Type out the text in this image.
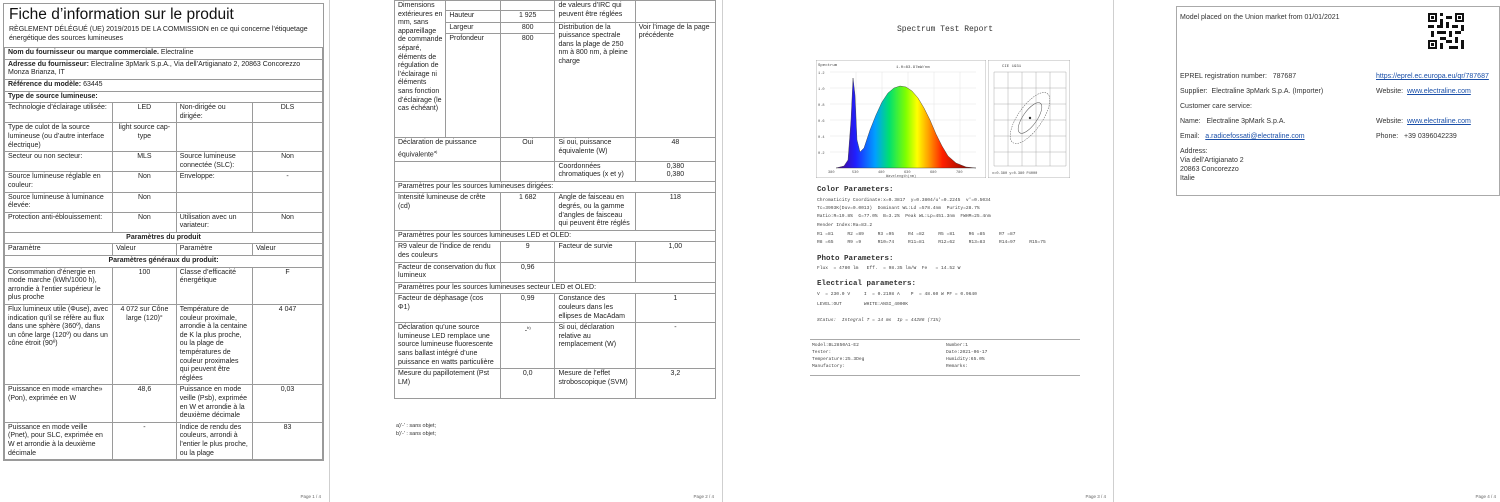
Fiche d’information sur le produit
RÈGLEMENT DÉLÉGUÉ (UE) 2019/2015 DE LA COMMISSION en ce qui concerne l’étiquetage énergétique des sources lumineuses
Nom du fournisseur ou marque commerciale. Electraline			
Adresse du fournisseur: Electraline 3pMark S.p.A., Via dell’Artigianato 2, 20863 Concorezzo Monza Brianza, IT			
Référence du modèle: 63445			
Type de source lumineuse:			
Technologie d’éclairage utilisée:	LED	Non-dirigée ou dirigée:	DLS
Type de culot de la source lumineuse (ou d’autre interface électrique)	light source cap-type		
Secteur ou non secteur:	MLS	Source lumineuse connectée (SLC):	Non
Source lumineuse réglable en couleur:	Non	Enveloppe:	-
Source lumineuse à luminance élevée:	Non		
Protection anti-éblouissement:	Non	Utilisation avec un variateur:	Non
Paramètres du produit			
Paramètre	Valeur	Paramètre	Valeur
Paramètres généraux du produit:			
Consommation d’énergie en mode marche (kWh/1000 h), arrondie à l’entier supérieur le plus proche	100	Classe d’efficacité énergétique	F
Flux lumineux utile (Φuse), avec indication qu’il se réfère au flux dans une sphère (360º), dans un cône large (120º) ou dans un cône étroit (90º)	4 072 sur Cône large (120)°	Température de couleur proximale, arrondie à la centaine de K la plus proche, ou la plage de températures de couleur proximales qui peuvent être réglées	4 047
Puissance en mode «marche» (Pon), exprimée en W	48,6	Puissance en mode veille (Psb), exprimée en W et arrondie à la deuxième décimale	0,03
Puissance en mode veille (Pnet), pour SLC, exprimée en W et arrondie à la deuxième décimale	-	Indice de rendu des couleurs, arrondi à l’entier le plus proche, ou la plage	83
Page 1 / 4
Dimensions extérieures en mm, sans appareillage de commande séparé, éléments de régulation de l’éclairage ni éléments sans fonction d’éclairage (le cas échéant)			de valeurs d’IRC qui peuvent être réglées	
	Hauteur	1 925		
	Largeur	800	Distribution de la puissance spectrale dans la plage de 250 nm à 800 nm, à pleine charge	Voir l’image de la page précédente
	Profondeur	800		
Déclaration de puissance équivalente$^{a)}$		Oui	Si oui, puissance équivalente (W)	48
			Coordonnées chromatiques (x et y)	0,380
0,380
Paramètres pour les sources lumineuses dirigées:				
Intensité lumineuse de crête (cd)		1 682	Angle de faisceau en degrés, ou la gamme d’angles de faisceau qui peuvent être réglés	118
Paramètres pour les sources lumineuses LED et OLED:				
R9 valeur de l’indice de rendu des couleurs		9	Facteur de survie	1,00
Facteur de conservation du flux lumineux		0,96		
Paramètres pour les sources lumineuses secteur LED et OLED:				
Facteur de déphasage (cos Φ1)		0,99	Constance des couleurs dans les ellipses de MacAdam	1
Déclaration qu’une source lumineuse LED remplace une source lumineuse fluorescente sans ballast intégré d’une puissance en watts particulière		-$^{b)}$	Si oui, déclaration relative au remplacement (W)	-
Mesure du papillotement (Pst LM)		0,0	Mesure de l’effet stroboscopique (SVM)	3,2
a)'-' : sans objet;
b)'-' : sans objet;
Page 2 / 4
Spectrum Test Report
Spectrum	1.0=83.97mW/nm
1.2
1.0
0.8
0.6
0.4
0.2
380	530	480	630	680	780
Wavelength(nm)
CIE 1931
x=0.380 y=0.380 P4000
Color Parameters:
Chromaticity Coordinate:x=0.3817  y=0.3804/u'=0.2245  v'=0.5034
Tc=3993K(Duv=0.0013)  Dominant WL:Ld =578.4nm  Purity=28.7%
Ratio:R=19.8%  G=77.0%  B=3.2%  Peak WL:Lp=451.3nm  FWHM=25.4nm
Render Index:Ra=83.2
R1 =81     R2 =89     R3 =95     R4 =82     R5 =81     R6 =85     R7 =87
R8 =65     R9 =9      R10=74     R11=81     R12=62     R13=83     R14=97     R15=75
Photo Parameters:
Flux  = 4780 lm   Eff.  = 98.35 lm/W  Fe   = 14.52 W
Electrical parameters:
V  = 230.0 V     I  = 0.2198 A    P  = 48.60 W PF = 0.9640
LEVEL:OUT        WHITE:ANSI_4000K
Status:  Integral T = 14 ms  Ip = 44286 (71%)
Model:BL2850A1-E2
Tester:
Temperature:25.3Deg
Manufactory:
Number:1
Date:2021-06-17
Humidity:65.0%
Remarks:
Page 3 / 4
Model placed on the Union market from 01/01/2021
EPREL registration number: 787687	https://eprel.ec.europa.eu/qr/787687
Supplier: Electraline 3pMark S.p.A. (Importer)	Website: www.electraline.com
Customer care service:
Name: Electraline 3pMark S.p.A.	Website: www.electraline.com
Email: a.radicefossati@electraline.com	Phone: +39 0396042239
Address:
Via dell’Artigianato 2
20863 Concorezzo
Italie
Page 4 / 4
